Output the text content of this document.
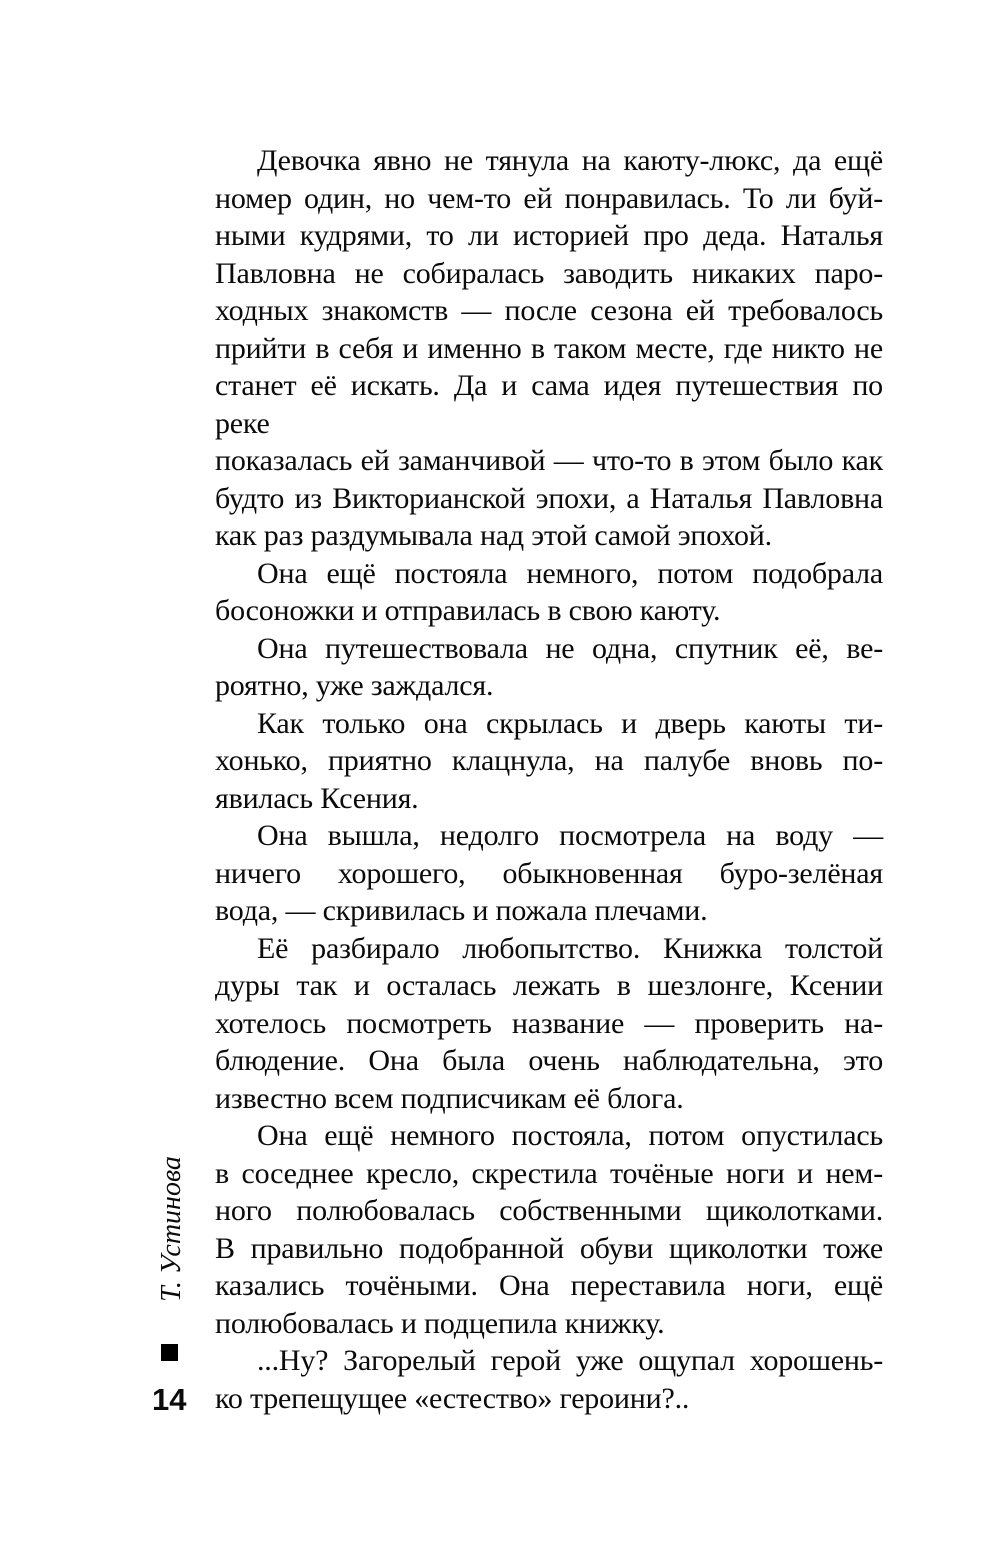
Т. Устинова
14
Девочка явно не тянула на каюту-люкс, да ещё
номер один, но чем-то ей понравилась. То ли буй-
ными кудрями, то ли историей про деда. Наталья
Павловна не собиралась заводить никаких паро-
ходных знакомств — после сезона ей требовалось
прийти в себя и именно в таком месте, где никто не
станет её искать. Да и сама идея путешествия по реке
показалась ей заманчивой — что-то в этом было как
будто из Викторианской эпохи, а Наталья Павловна
как раз раздумывала над этой самой эпохой.
Она ещё постояла немного, потом подобрала
босоножки и отправилась в свою каюту.
Она путешествовала не одна, спутник её, ве-
роятно, уже заждался.
Как только она скрылась и дверь каюты ти-
хонько, приятно клацнула, на палубе вновь по-
явилась Ксения.
Она вышла, недолго посмотрела на воду —
ничего хорошего, обыкновенная буро-зелёная
вода, — скривилась и пожала плечами.
Её разбирало любопытство. Книжка толстой
дуры так и осталась лежать в шезлонге, Ксении
хотелось посмотреть название — проверить на-
блюдение. Она была очень наблюдательна, это
известно всем подписчикам её блога.
Она ещё немного постояла, потом опустилась
в соседнее кресло, скрестила точёные ноги и нем-
ного полюбовалась собственными щиколотками.
В правильно подобранной обуви щиколотки тоже
казались точёными. Она переставила ноги, ещё
полюбовалась и подцепила книжку.
...Ну? Загорелый герой уже ощупал хорошень-
ко трепещущее «естество» героини?..
